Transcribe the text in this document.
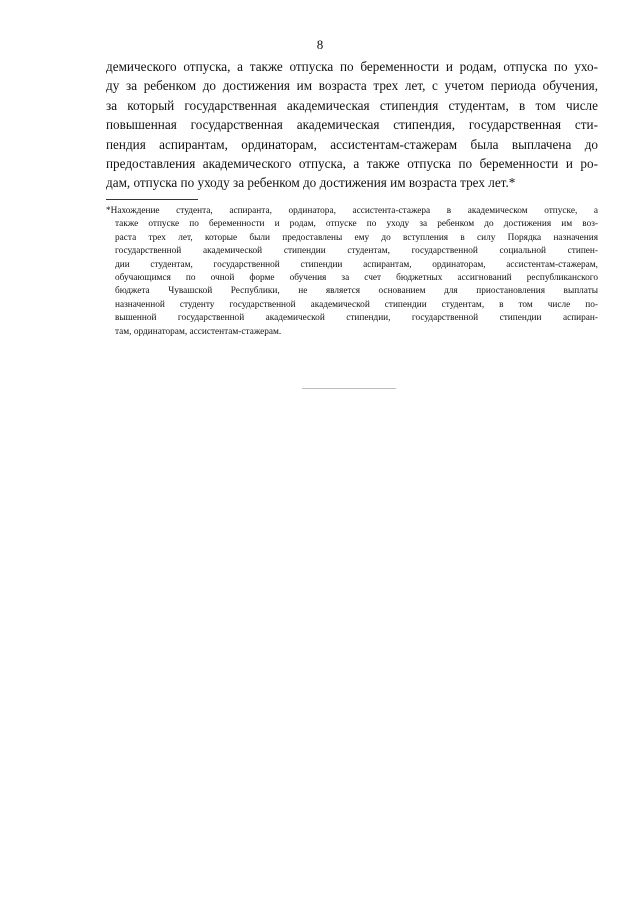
8
демического отпуска, а также отпуска по беременности и родам, отпуска по ухо-
ду за ребенком до достижения им возраста трех лет, с учетом периода обучения,
за который государственная академическая стипендия студентам, в том числе
повышенная государственная академическая стипендия, государственная сти-
пендия аспирантам, ординаторам, ассистентам-стажерам была выплачена до
предоставления академического отпуска, а также отпуска по беременности и ро-
дам, отпуска по уходу за ребенком до достижения им возраста трех лет.*
*Нахождение студента, аспиранта, ординатора, ассистента-стажера в академическом отпуске, а
также отпуске по беременности и родам, отпуске по уходу за ребенком до достижения им воз-
раста трех лет, которые были предоставлены ему до вступления в силу Порядка назначения
государственной академической стипендии студентам, государственной социальной стипен-
дии студентам, государственной стипендии аспирантам, ординаторам, ассистентам-стажерам,
обучающимся по очной форме обучения за счет бюджетных ассигнований республиканского
бюджета Чувашской Республики, не является основанием для приостановления выплаты
назначенной студенту государственной академической стипендии студентам, в том числе по-
вышенной государственной академической стипендии, государственной стипендии аспиран-
там, ординаторам, ассистентам-стажерам.
